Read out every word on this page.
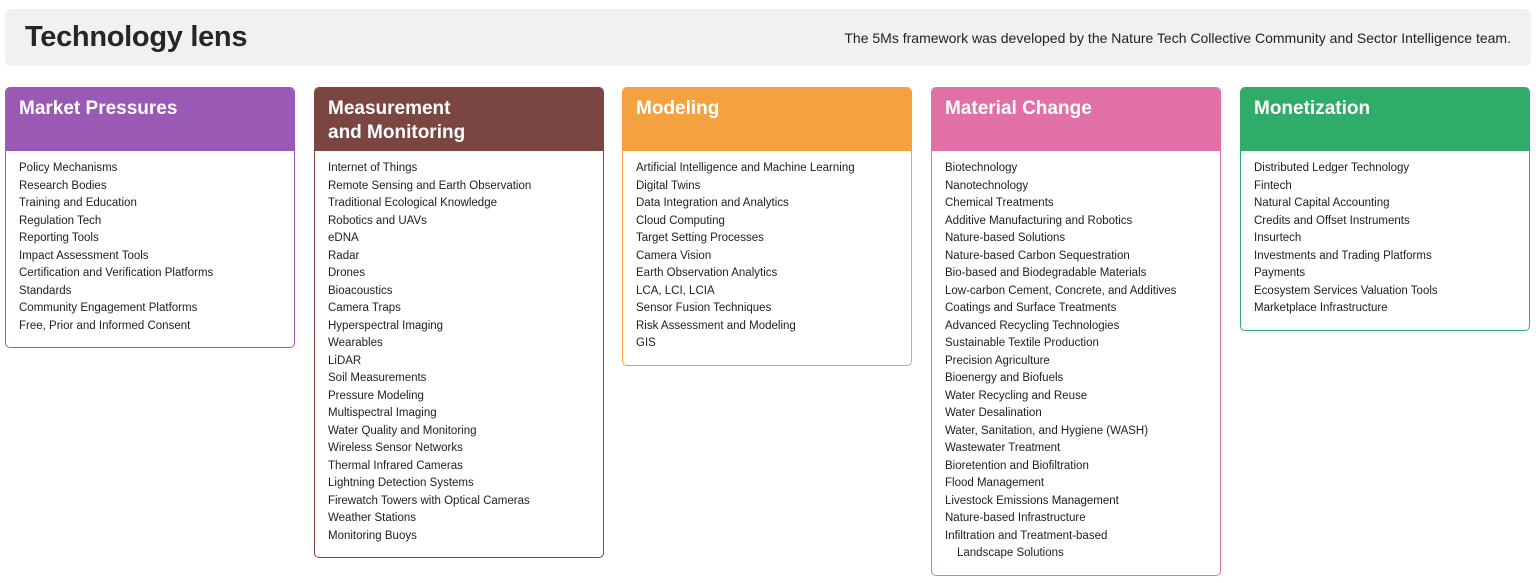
Technology lens	The 5Ms framework was developed by the Nature Tech Collective Community and Sector Intelligence team.
Market Pressures
Policy Mechanisms
Research Bodies
Training and Education
Regulation Tech
Reporting Tools
Impact Assessment Tools
Certification and Verification Platforms
Standards
Community Engagement Platforms
Free, Prior and Informed Consent
Measurement
and Monitoring
Internet of Things
Remote Sensing and Earth Observation
Traditional Ecological Knowledge
Robotics and UAVs
eDNA
Radar
Drones
Bioacoustics
Camera Traps
Hyperspectral Imaging
Wearables
LiDAR
Soil Measurements
Pressure Modeling
Multispectral Imaging
Water Quality and Monitoring
Wireless Sensor Networks
Thermal Infrared Cameras
Lightning Detection Systems
Firewatch Towers with Optical Cameras
Weather Stations
Monitoring Buoys
Modeling
Artificial Intelligence and Machine Learning
Digital Twins
Data Integration and Analytics
Cloud Computing
Target Setting Processes
Camera Vision
Earth Observation Analytics
LCA, LCI, LCIA
Sensor Fusion Techniques
Risk Assessment and Modeling
GIS
Material Change
Biotechnology
Nanotechnology
Chemical Treatments
Additive Manufacturing and Robotics
Nature-based Solutions
Nature-based Carbon Sequestration
Bio-based and Biodegradable Materials
Low-carbon Cement, Concrete, and Additives
Coatings and Surface Treatments
Advanced Recycling Technologies
Sustainable Textile Production
Precision Agriculture
Bioenergy and Biofuels
Water Recycling and Reuse
Water Desalination
Water, Sanitation, and Hygiene (WASH)
Wastewater Treatment
Bioretention and Biofiltration
Flood Management
Livestock Emissions Management
Nature-based Infrastructure
Infiltration and Treatment-based
Landscape Solutions
Monetization
Distributed Ledger Technology
Fintech
Natural Capital Accounting
Credits and Offset Instruments
Insurtech
Investments and Trading Platforms
Payments
Ecosystem Services Valuation Tools
Marketplace Infrastructure
